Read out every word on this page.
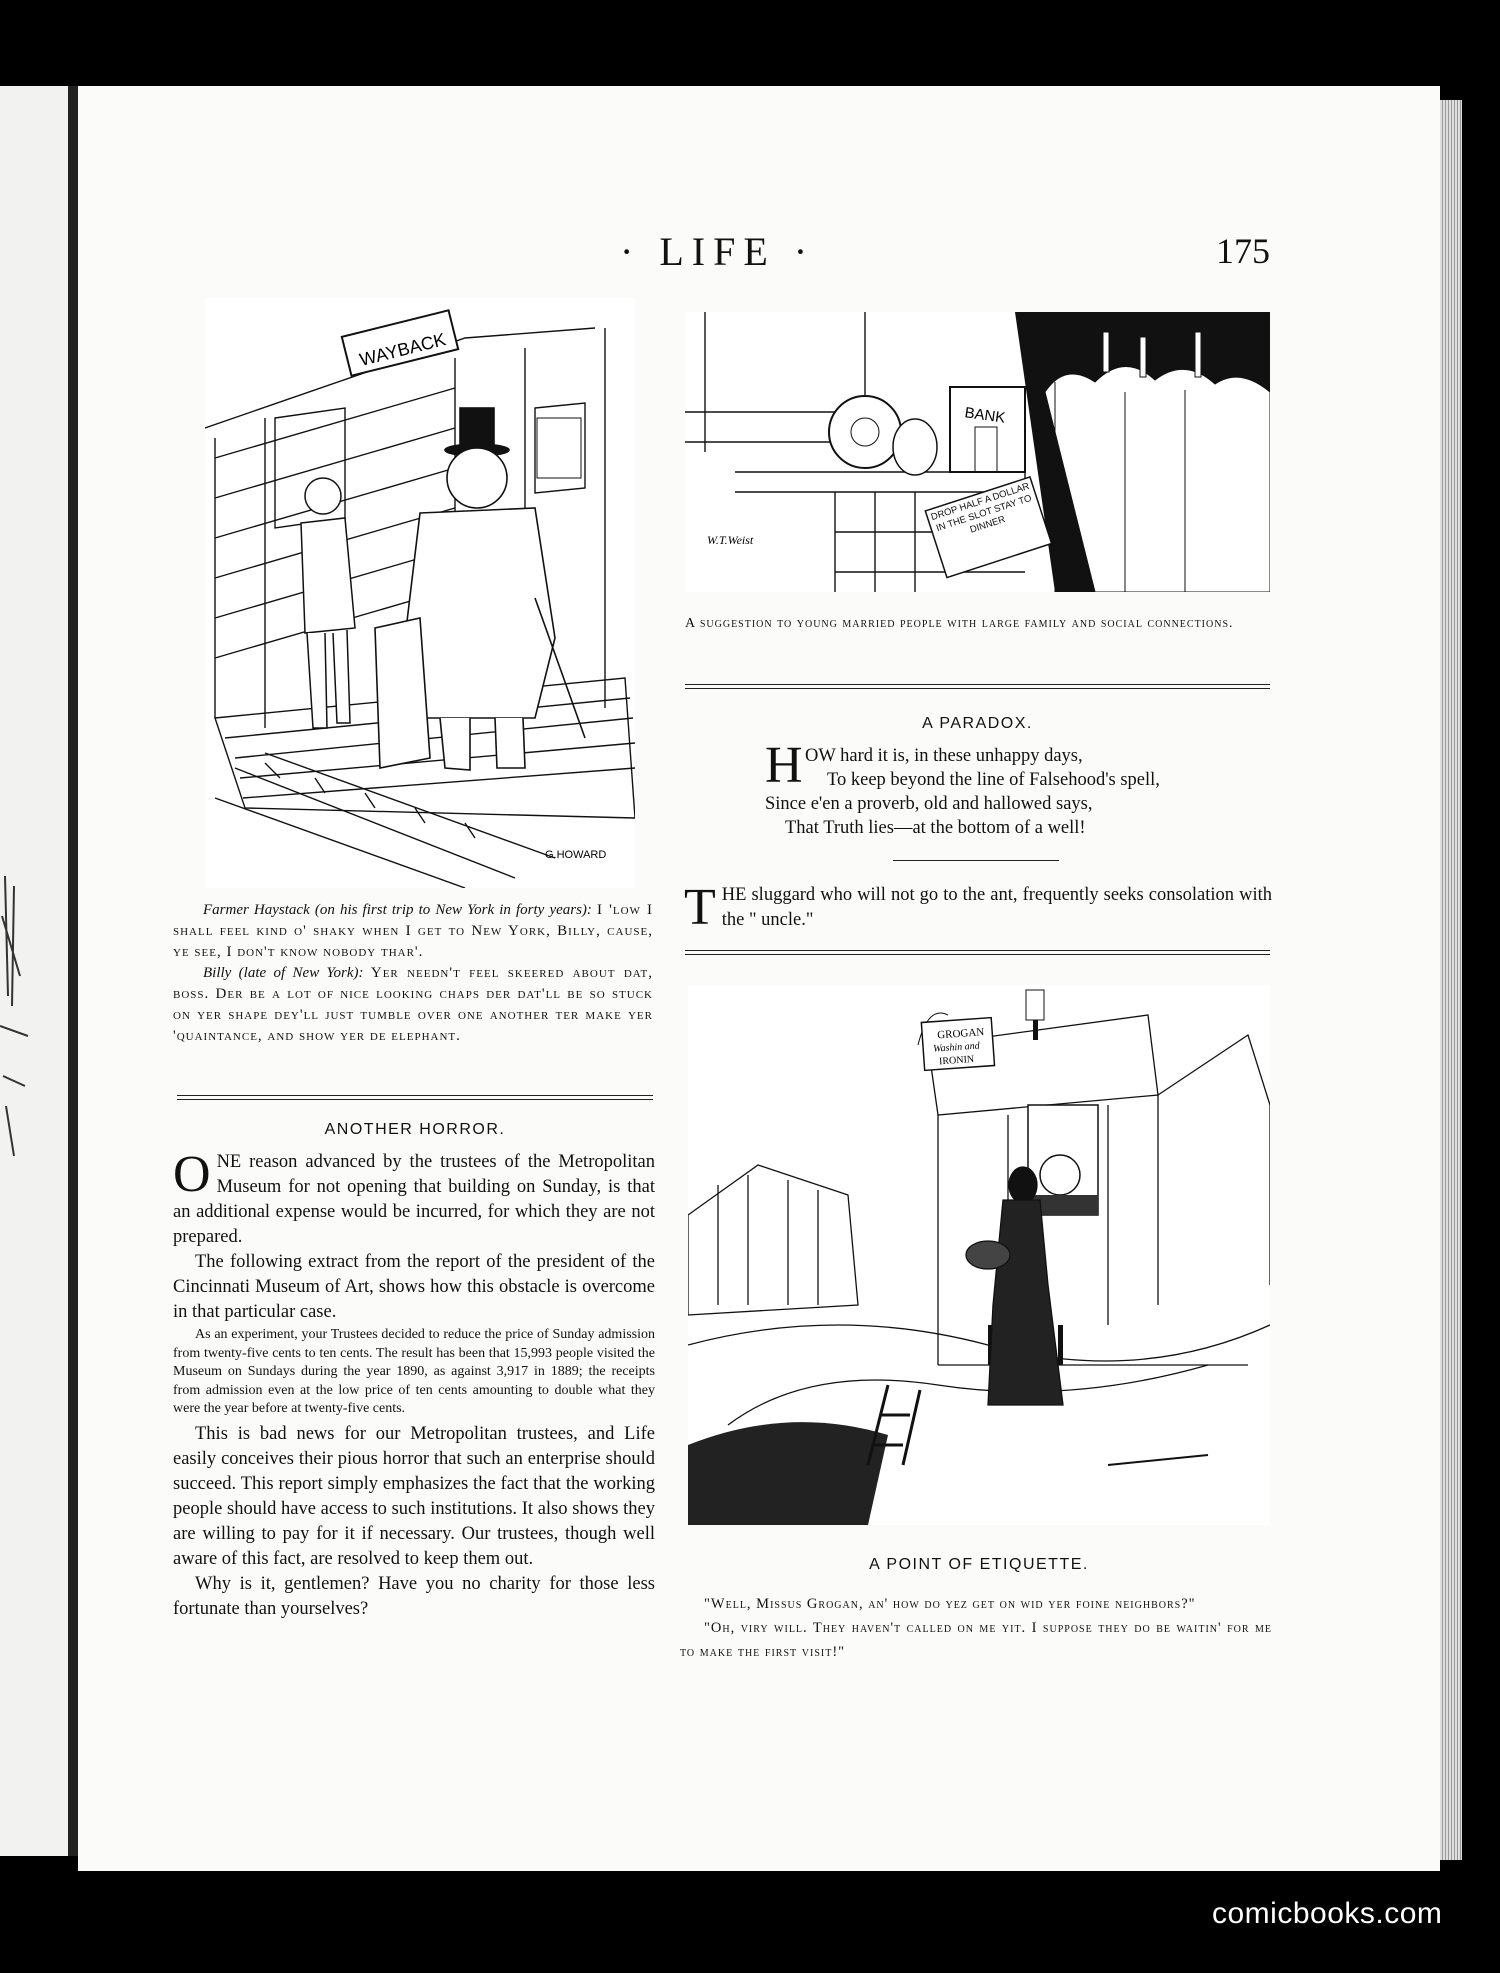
· LIFE ·	175
WAYBACK
G.HOWARD
Farmer Haystack (on his first trip to New York in forty years): I 'low I shall feel kind o' shaky when I get to New York, Billy, cause, ye see, I don't know nobody thar'.
Billy (late of New York): Yer needn't feel skeered about dat, boss. Der be a lot of nice looking chaps der dat'll be so stuck on yer shape dey'll just tumble over one another ter make yer 'quaintance, and show yer de elephant.
ANOTHER HORROR.

O NE reason advanced by the trustees of the Metropolitan Museum for not opening that building on Sunday, is that an additional expense would be incurred, for which they are not prepared.

The following extract from the report of the president of the Cincinnati Museum of Art, shows how this obstacle is overcome in that particular case.

As an experiment, your Trustees decided to reduce the price of Sunday admission from twenty-five cents to ten cents. The result has been that 15,993 people visited the Museum on Sundays during the year 1890, as against 3,917 in 1889; the receipts from admission even at the low price of ten cents amounting to double what they were the year before at twenty-five cents.

This is bad news for our Metropolitan trustees, and Life easily conceives their pious horror that such an enterprise should succeed. This report simply emphasizes the fact that the working people should have access to such institutions. It also shows they are willing to pay for it if necessary. Our trustees, though well aware of this fact, are resolved to keep them out.

Why is it, gentlemen? Have you no charity for those less fortunate than yourselves?

BANK
DROP HALF A DOLLAR IN THE SLOT STAY TO DINNER
W.T.Weist
A suggestion to young married people with large family and social connections.
A PARADOX.
H OW hard it is, in these unhappy days,
To keep beyond the line of Falsehood's spell,
Since e'en a proverb, old and hallowed says,
That Truth lies—at the bottom of a well!
T HE sluggard who will not go to the ant, frequently seeks consolation with the " uncle."
GROGAN
Washin and
IRONIN
A POINT OF ETIQUETTE.
"Well, Missus Grogan, an' how do yez get on wid yer foine neighbors?"
"Oh, viry will. They haven't called on me yit. I suppose they do be waitin' for me to make the first visit!"
comicbooks.com
